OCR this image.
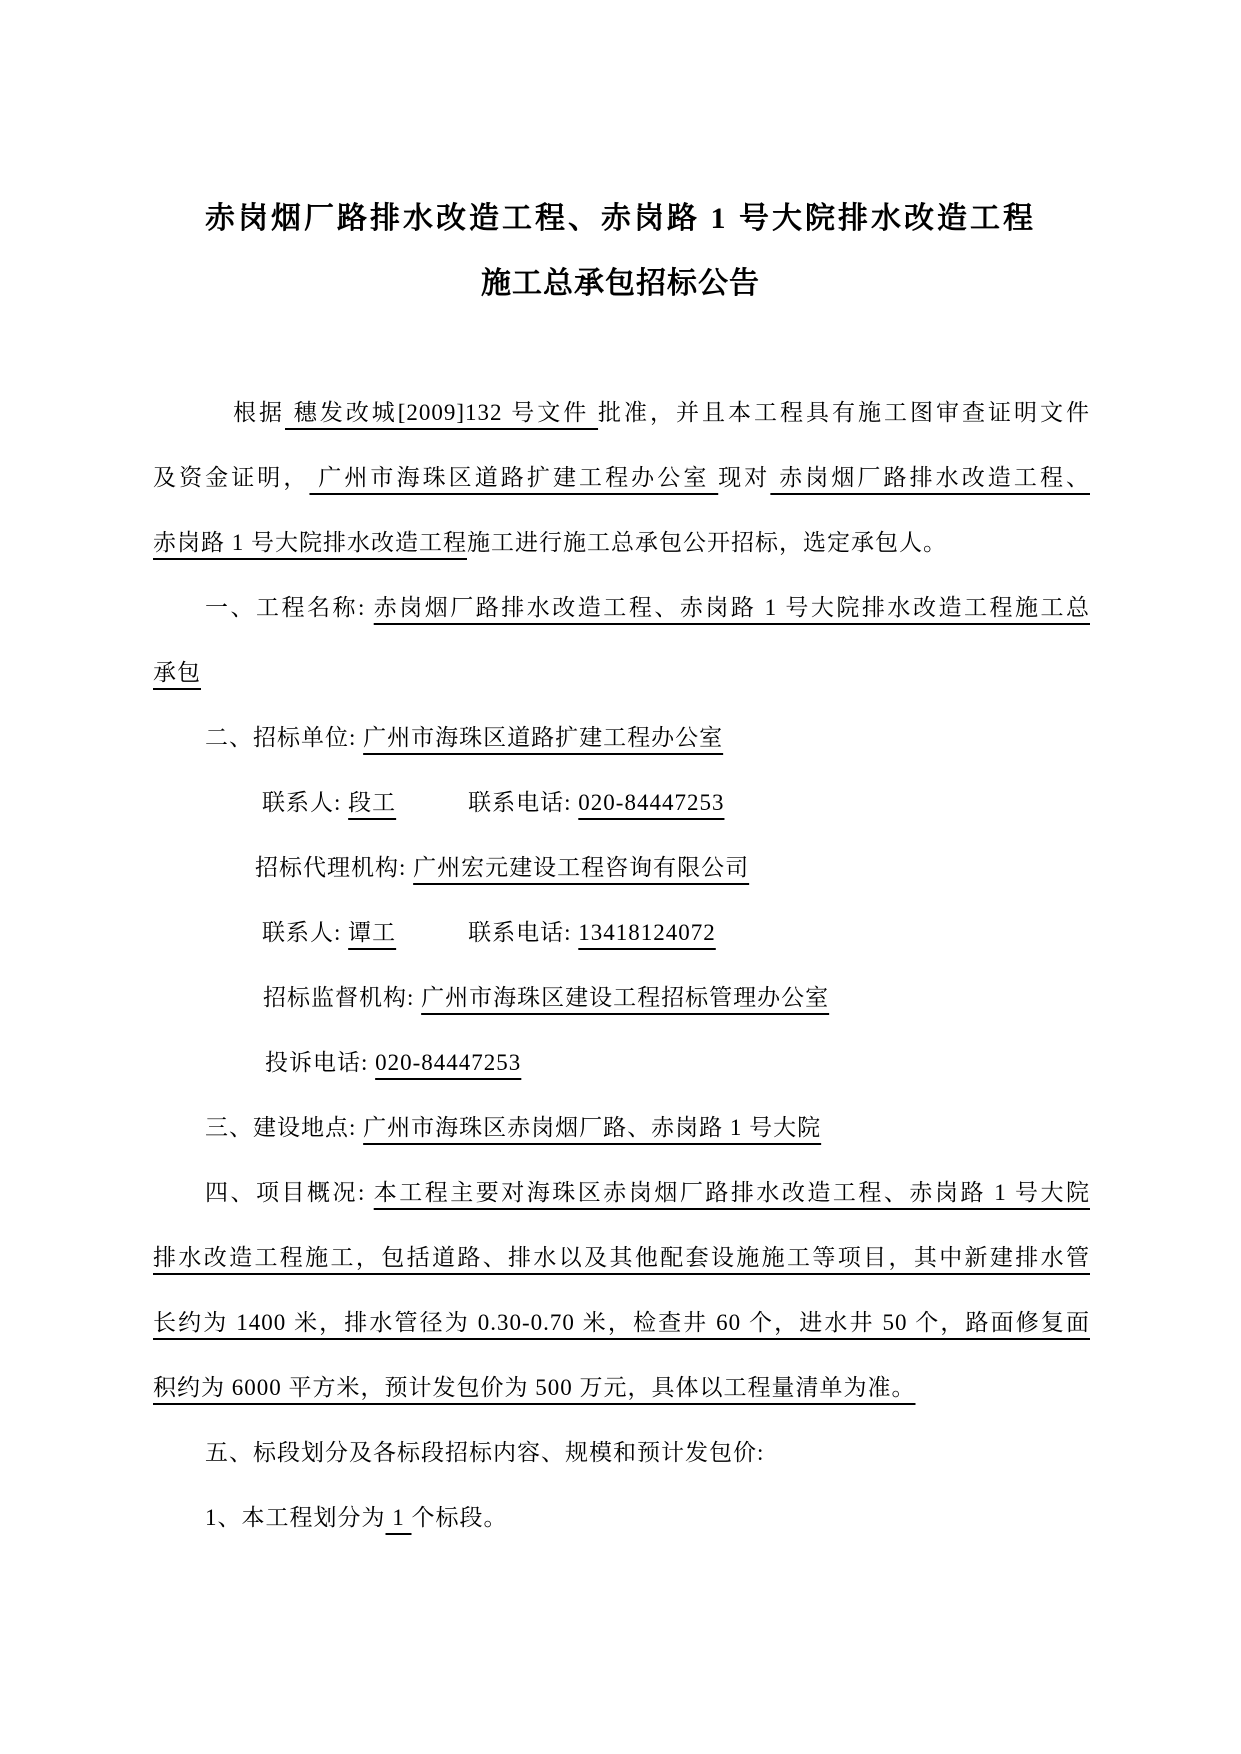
赤岗烟厂路排水改造工程、赤岗路 1 号大院排水改造工程
施工总承包招标公告
根据 穗发改城[2009]132 号文件 批准，并且本工程具有施工图审查证明文件
及资金证明， 广州市海珠区道路扩建工程办公室 现对 赤岗烟厂路排水改造工程、
赤岗路 1 号大院排水改造工程施工进行施工总承包公开招标，选定承包人。
一、工程名称: 赤岗烟厂路排水改造工程、赤岗路 1 号大院排水改造工程施工总
承包
二、招标单位: 广州市海珠区道路扩建工程办公室
联系人: 段工　　　联系电话: 020-84447253
招标代理机构: 广州宏元建设工程咨询有限公司
联系人: 谭工　　　联系电话: 13418124072
招标监督机构: 广州市海珠区建设工程招标管理办公室
投诉电话: 020-84447253
三、建设地点: 广州市海珠区赤岗烟厂路、赤岗路 1 号大院
四、项目概况: 本工程主要对海珠区赤岗烟厂路排水改造工程、赤岗路 1 号大院
排水改造工程施工，包括道路、排水以及其他配套设施施工等项目，其中新建排水管
长约为 1400 米，排水管径为 0.30-0.70 米，检查井 60 个，进水井 50 个，路面修复面
积约为 6000 平方米，预计发包价为 500 万元，具体以工程量清单为准。
五、标段划分及各标段招标内容、规模和预计发包价:
1、本工程划分为 1 个标段。
